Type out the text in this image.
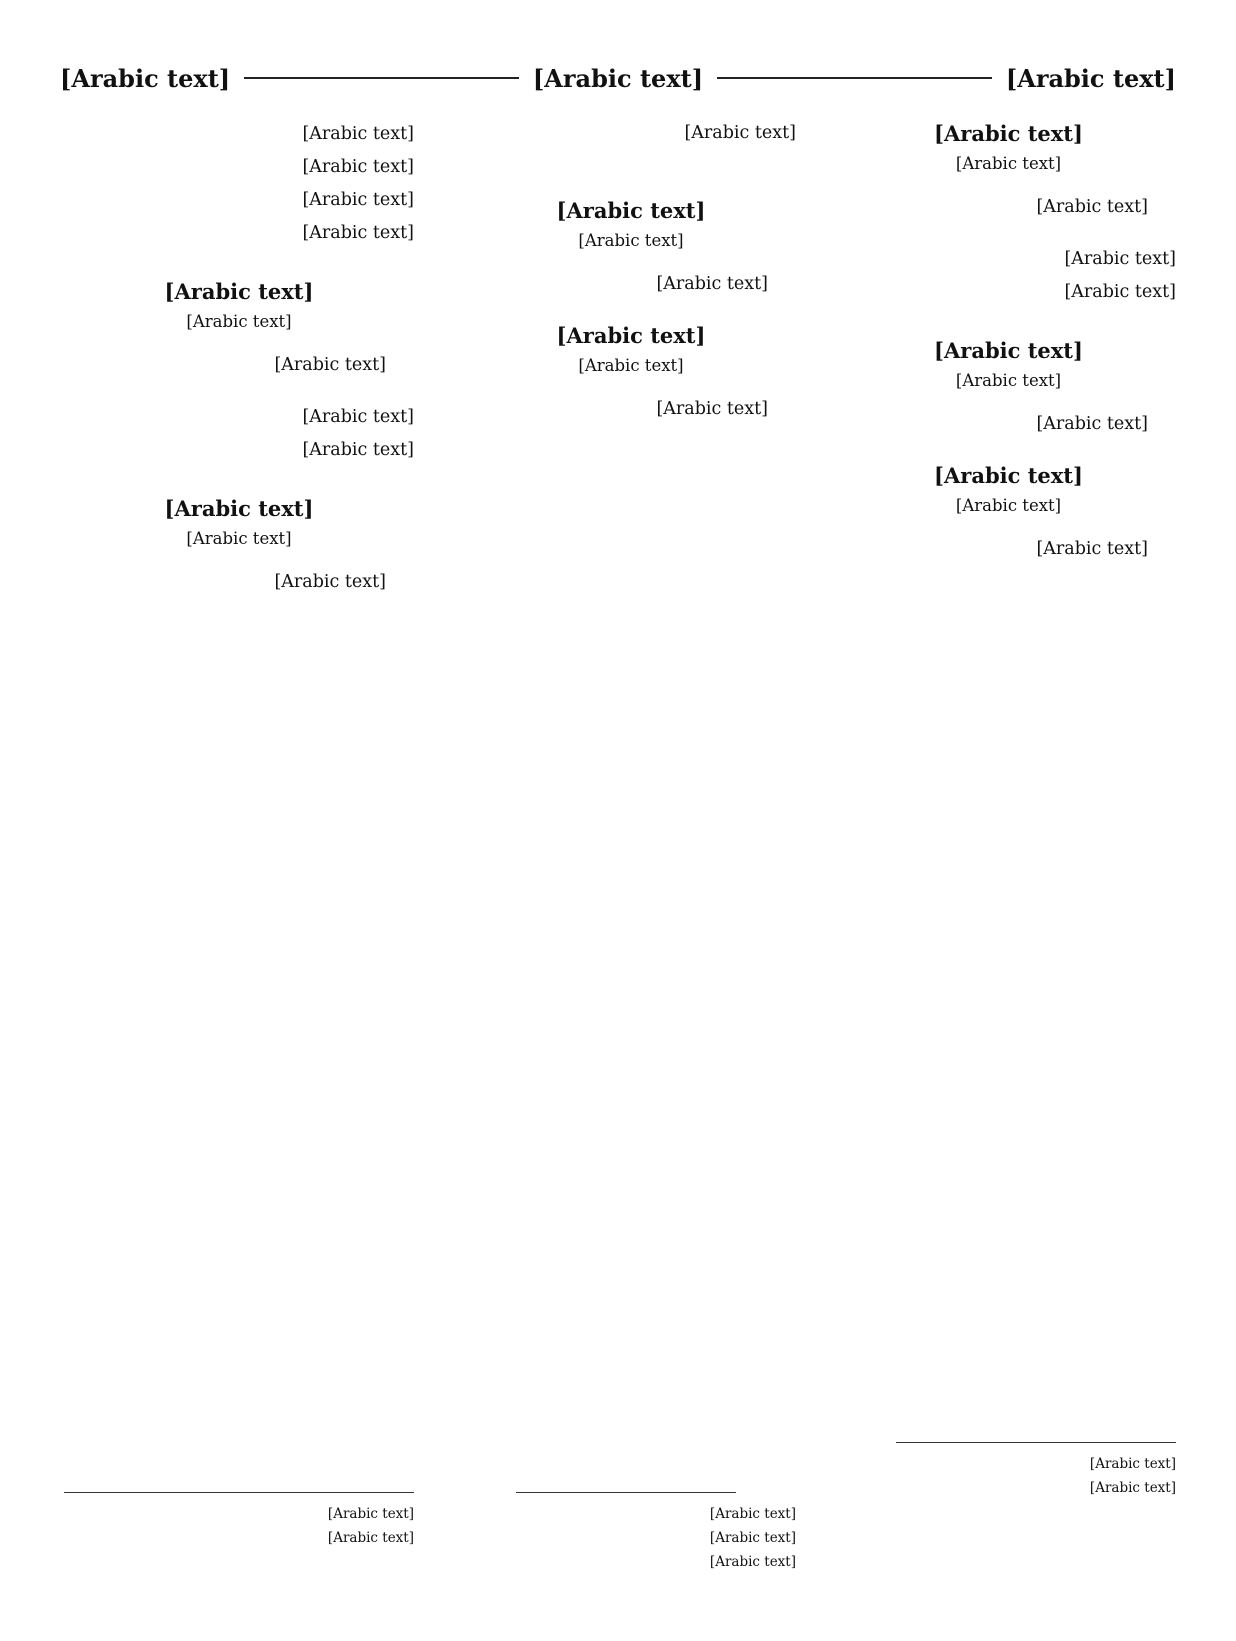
[Arabic text]
[Arabic text]
[Arabic text]

[Arabic text]

[Arabic text]

[Arabic text]

[Arabic text]

[Arabic text]

[Arabic text]

[Arabic text]

[Arabic text]

[Arabic text]

[Arabic text]

[Arabic text]

[Arabic text]

[Arabic text]

[Arabic text]

[Arabic text]

[Arabic text]

[Arabic text]

[Arabic text]

[Arabic text]

[Arabic text]

[Arabic text]

[Arabic text]

[Arabic text]

[Arabic text]

[Arabic text]

[Arabic text]

[Arabic text]

[Arabic text]

[Arabic text]

[Arabic text]

[Arabic text]

[Arabic text]

[Arabic text]

[Arabic text]

[Arabic text]

[Arabic text]

[Arabic text]
